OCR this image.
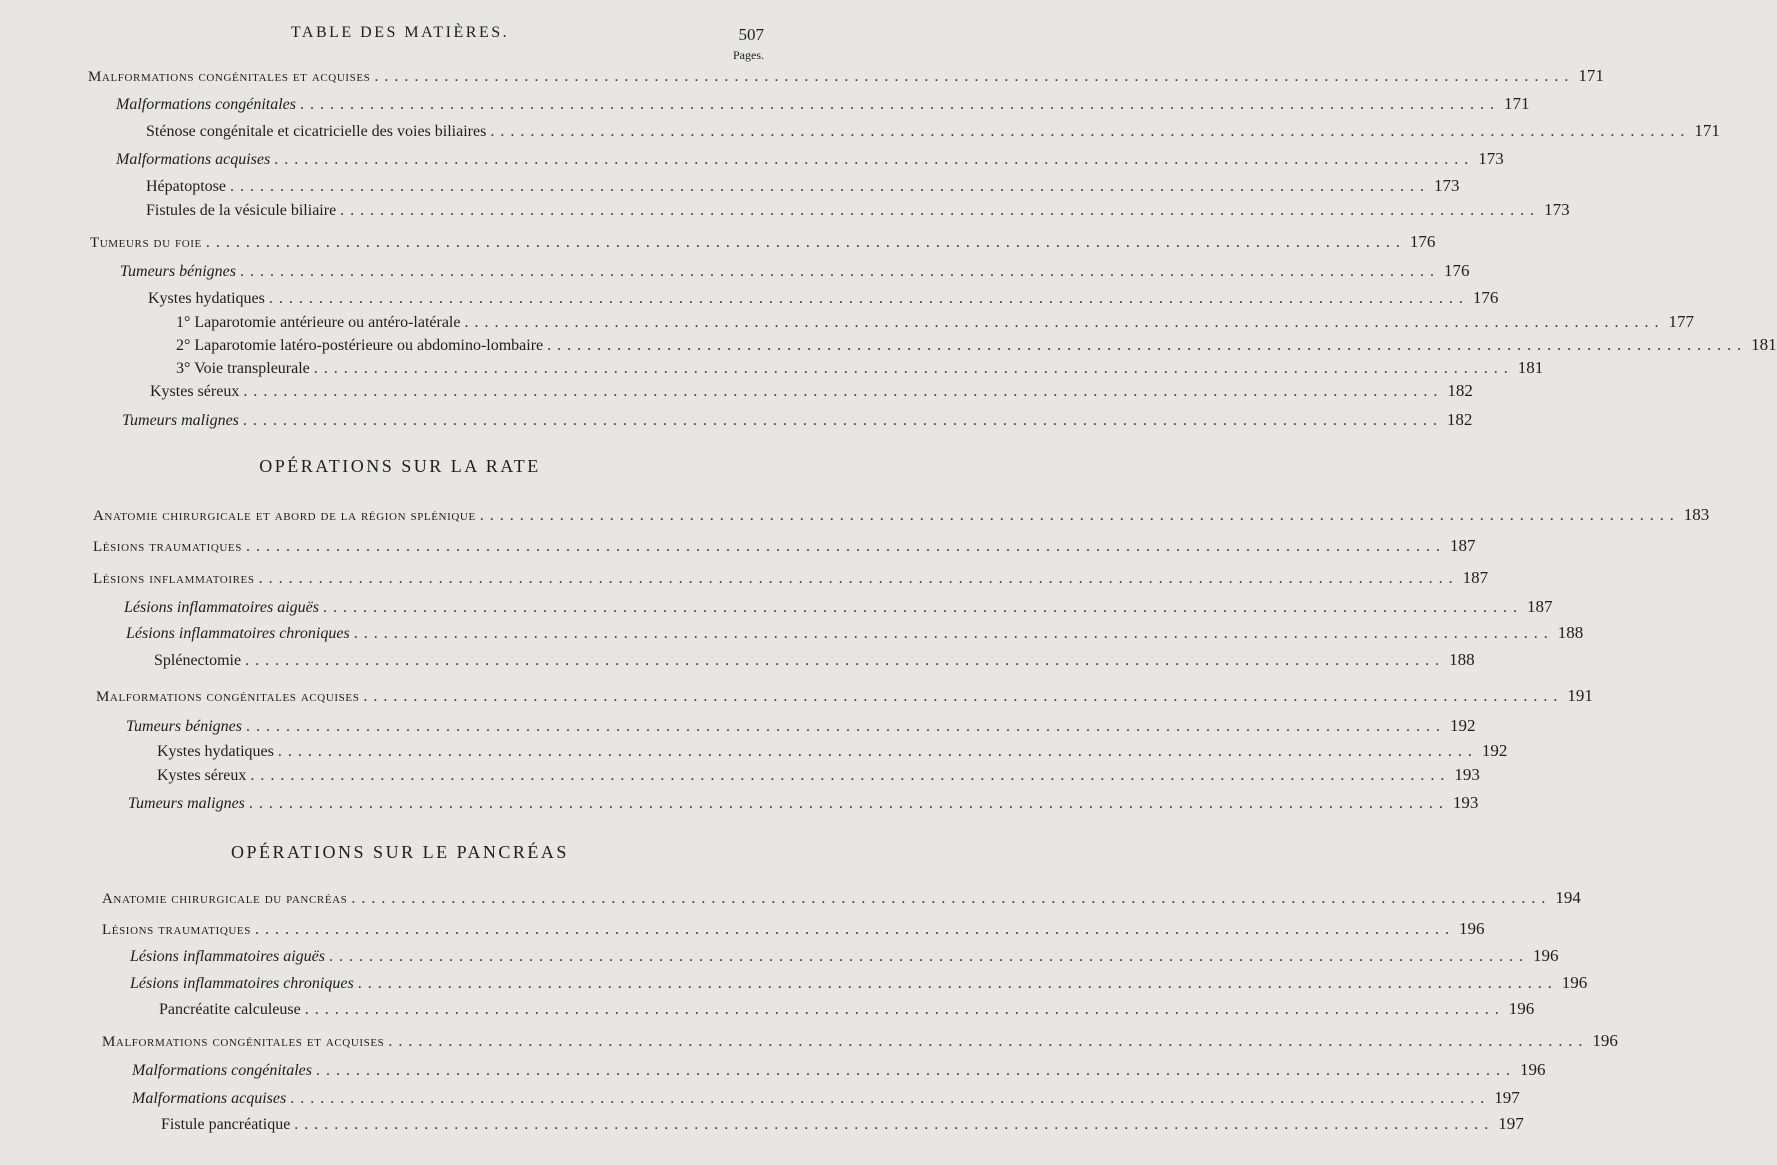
TABLE DES MATIÈRES.	507
Pages.
OPÉRATIONS SUR LA RATE
OPÉRATIONS SUR LE PANCRÉAS
Malformations congénitales et acquises ........................................................................................................................ 171
Malformations congénitales ........................................................................................................................ 171
Sténose congénitale et cicatricielle des voies biliaires ........................................................................................................................ 171
Malformations acquises ........................................................................................................................ 173
Hépatoptose ........................................................................................................................ 173
Fistules de la vésicule biliaire ........................................................................................................................ 173
Tumeurs du foie ........................................................................................................................ 176
Tumeurs bénignes ........................................................................................................................ 176
Kystes hydatiques ........................................................................................................................ 176
1° Laparotomie antérieure ou antéro-latérale ........................................................................................................................ 177
2° Laparotomie latéro-postérieure ou abdomino-lombaire ........................................................................................................................ 181
3° Voie transpleurale ........................................................................................................................ 181
Kystes séreux ........................................................................................................................ 182
Tumeurs malignes ........................................................................................................................ 182
Anatomie chirurgicale et abord de la région splénique ........................................................................................................................ 183
Lésions traumatiques ........................................................................................................................ 187
Lésions inflammatoires ........................................................................................................................ 187
Lésions inflammatoires aiguës ........................................................................................................................ 187
Lésions inflammatoires chroniques ........................................................................................................................ 188
Splénectomie ........................................................................................................................ 188
Malformations congénitales acquises ........................................................................................................................ 191
Tumeurs bénignes ........................................................................................................................ 192
Kystes hydatiques ........................................................................................................................ 192
Kystes séreux ........................................................................................................................ 193
Tumeurs malignes ........................................................................................................................ 193
Anatomie chirurgicale du pancréas ........................................................................................................................ 194
Lésions traumatiques ........................................................................................................................ 196
Lésions inflammatoires aiguës ........................................................................................................................ 196
Lésions inflammatoires chroniques ........................................................................................................................ 196
Pancréatite calculeuse ........................................................................................................................ 196
Malformations congénitales et acquises ........................................................................................................................ 196
Malformations congénitales ........................................................................................................................ 196
Malformations acquises ........................................................................................................................ 197
Fistule pancréatique ........................................................................................................................ 197
